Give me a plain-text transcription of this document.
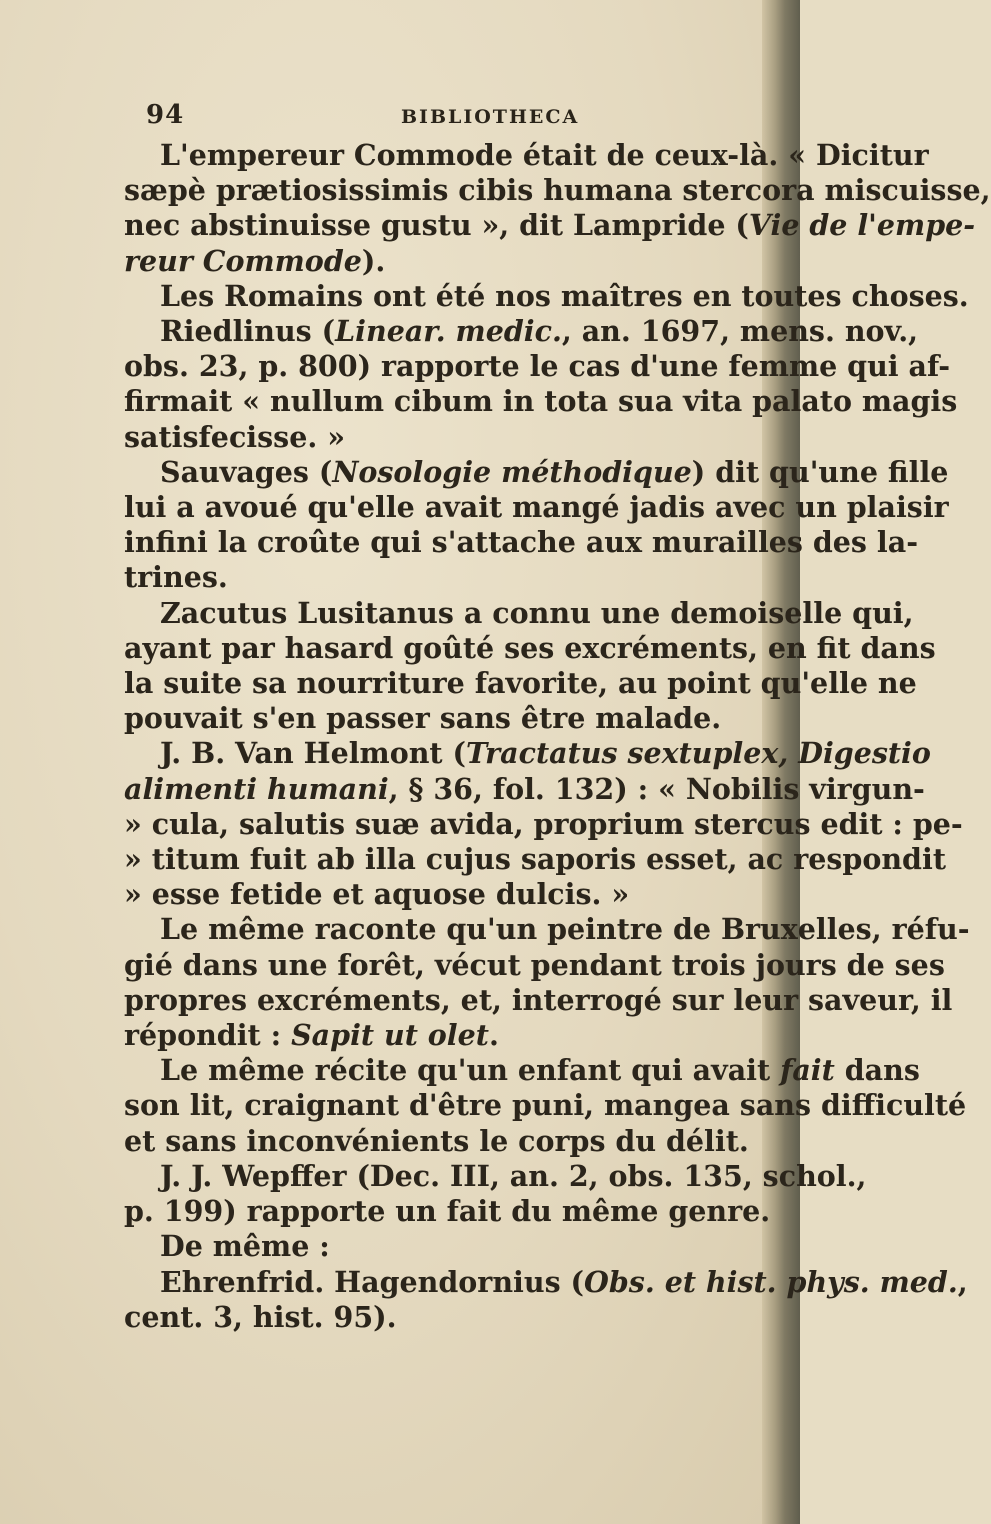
94	BIBLIOTHECA
L'empereur Commode était de ceux-là. « Dicitur
sæpè prætiosissimis cibis humana stercora miscuisse,
nec abstinuisse gustu », dit Lampride (Vie de l'empe-
reur Commode).
Les Romains ont été nos maîtres en toutes choses.
Riedlinus (Linear. medic., an. 1697, mens. nov.,
obs. 23, p. 800) rapporte le cas d'une femme qui af-
firmait « nullum cibum in tota sua vita palato magis
satisfecisse. »
Sauvages (Nosologie méthodique) dit qu'une fille
lui a avoué qu'elle avait mangé jadis avec un plaisir
infini la croûte qui s'attache aux murailles des la-
trines.
Zacutus Lusitanus a connu une demoiselle qui,
ayant par hasard goûté ses excréments, en fit dans
la suite sa nourriture favorite, au point qu'elle ne
pouvait s'en passer sans être malade.
J. B. Van Helmont (Tractatus sextuplex, Digestio
alimenti humani, § 36, fol. 132) : « Nobilis virgun-
» cula, salutis suæ avida, proprium stercus edit : pe-
» titum fuit ab illa cujus saporis esset, ac respondit
» esse fetide et aquose dulcis. »
Le même raconte qu'un peintre de Bruxelles, réfu-
gié dans une forêt, vécut pendant trois jours de ses
propres excréments, et, interrogé sur leur saveur, il
répondit : Sapit ut olet.
Le même récite qu'un enfant qui avait fait dans
son lit, craignant d'être puni, mangea sans difficulté
et sans inconvénients le corps du délit.
J. J. Wepffer (Dec. III, an. 2, obs. 135, schol.,
p. 199) rapporte un fait du même genre.
De même :
Ehrenfrid. Hagendornius (Obs. et hist. phys. med.,
cent. 3, hist. 95).
